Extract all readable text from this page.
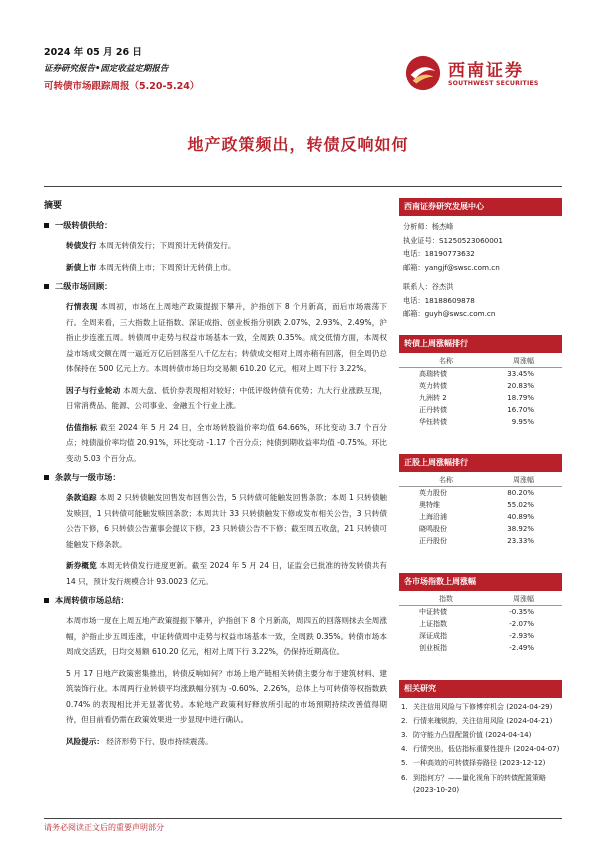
2024 年 05 月 26 日
证券研究报告•固定收益定期报告
可转债市场跟踪周报（5.20-5.24）
西南证券
SOUTHWEST SECURITIES
地产政策频出，转债反响如何
摘要
一级转债供给：

转债发行 本周无转债发行；下周预计无转债发行。

新债上市 本周无转债上市；下周预计无转债上市。

二级市场回顾：

行情表现 本周初，市场在上周地产政策提振下攀升，沪指创下 8 个月新高，而后市场震荡下行。全周来看，三大指数上证指数、深证成指、创业板指分别跌 2.07%、2.93%、2.49%，沪指止步连涨五周。转债周中走势与权益市场基本一致，全周跌 0.35%。成交低情方面，本周权益市场成交额在周一逼近万亿后回落至八千亿左右；转债成交相对上周亦稍有回落，但全周仍总体保持在 500 亿元上方。本周转债市场日均交易额 610.20 亿元，相对上周下行 3.22%。

因子与行业轮动 本周大盘、低价券表现相对较好；中低评级转债有优势；九大行业涨跌互现，日常消费品、能源、公司事业、金融五个行业上涨。

估值指标 截至 2024 年 5 月 24 日，全市场转股溢价率均值 64.66%，环比变动 3.7 个百分点；纯债溢价率均值 20.91%，环比变动 -1.17 个百分点；纯债到期收益率均值 -0.75%。环比变动 5.03 个百分点。

条款与一级市场：

条款追踪 本周 2 只转债触发回售发布回售公告，5 只转债可能触发回售条款；本周 1 只转债触发赎回，1 只转债可能触发赎回条款；本周共计 33 只转债触发下修或发布相关公告，3 只转债公告下修，6 只转债公告董事会提议下修，23 只转债公告不下修；截至周五收盘，21 只转债可能触发下修条款。

新券概览 本周无转债发行进度更新。截至 2024 年 5 月 24 日，证监会已批准的待发转债共有 14 只，预计发行规模合计 93.0023 亿元。

本周转债市场总结：

本周市场一度在上周五地产政策提振下攀升，沪指创下 8 个月新高，周四五的回落则抹去全周涨幅，沪指止步五周连涨，中证转债周中走势与权益市场基本一致，全周跌 0.35%。转债市场本周成交活跃，日均交易额 610.20 亿元，相对上周下行 3.22%，仍保持近期高位。

5 月 17 日地产政策密集推出，转债反响如何？市场上地产链相关转债主要分布于建筑材料、建筑装饰行业。本周两行业转债平均涨跌幅分别为 -0.60%、2.26%，总体上与可转债等权指数跌 0.74% 的表现相比并无显著优势。本轮地产政策利好释放所引起的市场預期持续改善值得期待，但目前看仍需在政策效果进一步显现中进行确认。

风险提示： 经济形势下行、股市持续震荡。

西南证券研究发展中心
分析师：杨杰峰
执业证号：S1250523060001
电话：18190773632
邮箱：yangjf@swsc.com.cn
联系人：谷杰洪
电话：18188609878
邮箱：guyh@swsc.com.cn
转债上周涨幅排行
名称	周涨幅
高瑞转债	33.45%
英力转债	20.83%
九洲转 2	18.79%
正丹转债	16.70%
华钰转债	9.95%
正股上周涨幅排行
名称	周涨幅
英力股份	80.20%
奥特维	55.02%
上海沿浦	40.89%
晓鸣股份	38.92%
正丹股份	23.33%
各市场指数上周涨幅
指数	周涨幅
中证转债	-0.35%
上证指数	-2.07%
深证成指	-2.93%
创业板指	-2.49%
相关研究
1. 关注信用风险与下修博弈机会 (2024-04-29)
2. 行情来瑰锐韵，关注信用风险 (2024-04-21)
3. 防守能力凸显配置价值 (2024-04-14)
4. 行情突出，低估指标重要性提升 (2024-04-07)
5. 一种高效的可转债择券路径 (2023-12-12)
6. 到指何方？——量化视角下的转债配置策略 (2023-10-20)
请务必阅读正文后的重要声明部分
